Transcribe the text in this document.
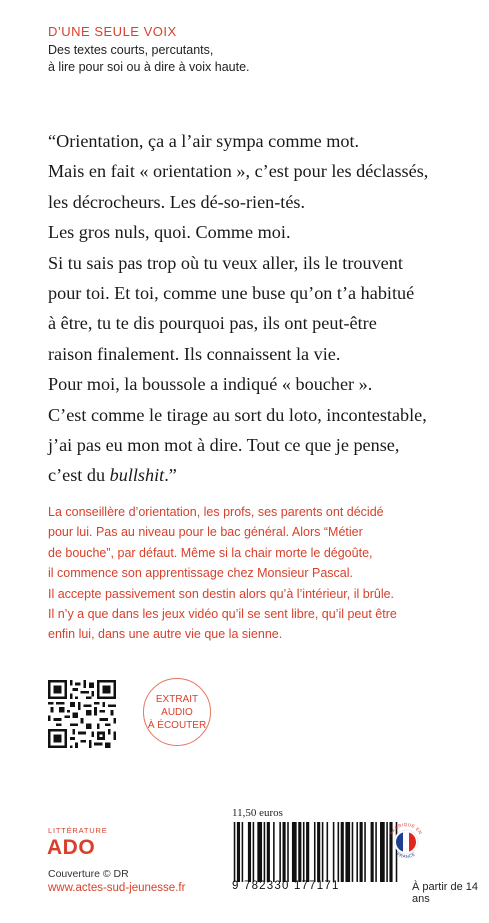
D’UNE SEULE VOIX
Des textes courts, percutants,
à lire pour soi ou à dire à voix haute.
“Orientation, ça a l’air sympa comme mot.
Mais en fait « orientation », c’est pour les déclassés,
les décrocheurs. Les dé-so-rien-tés.
Les gros nuls, quoi. Comme moi.
Si tu sais pas trop où tu veux aller, ils le trouvent
pour toi. Et toi, comme une buse qu’on t’a habitué
à être, tu te dis pourquoi pas, ils ont peut-être
raison finalement. Ils connaissent la vie.
Pour moi, la boussole a indiqué « boucher ».
C’est comme le tirage au sort du loto, incontestable,
j’ai pas eu mon mot à dire. Tout ce que je pense,
c’est du bullshit.”
La conseillère d’orientation, les profs, ses parents ont décidé
pour lui. Pas au niveau pour le bac général. Alors “Métier
de bouche”, par défaut. Même si la chair morte le dégoûte,
il commence son apprentissage chez Monsieur Pascal.
Il accepte passivement son destin alors qu’à l’intérieur, il brûle.
Il n’y a que dans les jeux vidéo qu’il se sent libre, qu’il peut être
enfin lui, dans une autre vie que la sienne.
EXTRAIT
AUDIO
À ÉCOUTER
11,50 euros
9 782330 177171
FABRIQUÉ EN
FRANCE
À partir de 14 ans
LITTÉRATURE
ADO
Couverture © DR
www.actes-sud-jeunesse.fr
